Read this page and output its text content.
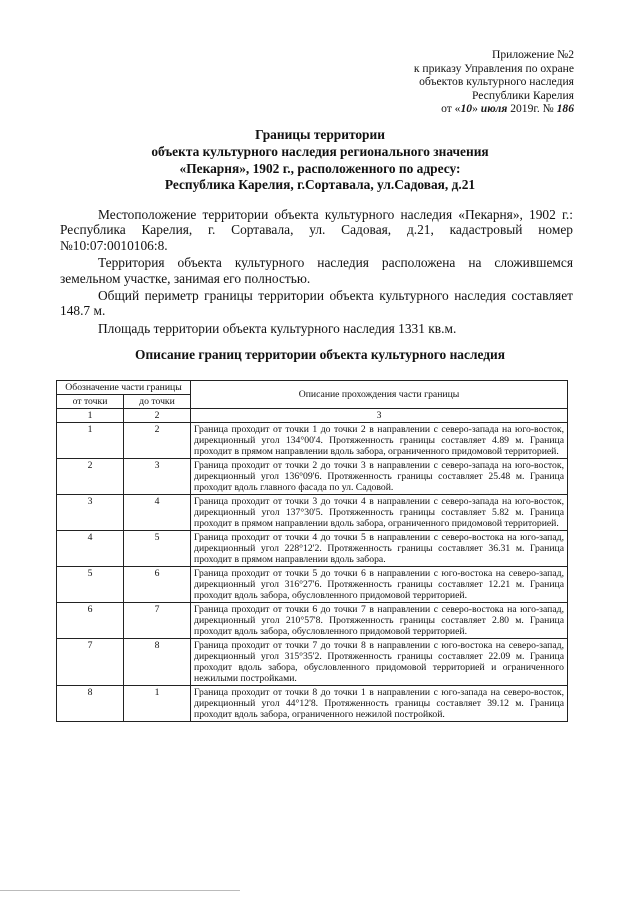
Приложение №2
к приказу Управления по охране
объектов культурного наследия
Республики Карелия
от «10» июля 2019г. № 186
Границы территории
объекта культурного наследия регионального значения
«Пекарня», 1902 г., расположенного по адресу:
Республика Карелия, г.Сортавала, ул.Садовая, д.21

Местоположение территории объекта культурного наследия «Пекарня», 1902 г.: Республика Карелия, г. Сортавала, ул. Садовая, д.21, кадастровый номер №10:07:0010106:8.

Территория объекта культурного наследия расположена на сложившемся земельном участке, занимая его полностью.

Общий периметр границы территории объекта культурного наследия составляет 148.7 м.

Площадь территории объекта культурного наследия 1331 кв.м.

Описание границ территории объекта культурного наследия
Обозначение части границы		Описание прохождения части границы
от точки	до точки	
1	2	3
1	2	Граница проходит от точки 1 до точки 2 в направлении с северо-запада на юго-восток, дирекционный угол 134°00'4. Протяженность границы составляет 4.89 м. Граница проходит в прямом направлении вдоль забора, ограниченного придомовой территорией.
2	3	Граница проходит от точки 2 до точки 3 в направлении с северо-запада на юго-восток, дирекционный угол 136°09'6. Протяженность границы составляет 25.48 м. Граница проходит вдоль главного фасада по ул. Садовой.
3	4	Граница проходит от точки 3 до точки 4 в направлении с северо-запада на юго-восток, дирекционный угол 137°30'5. Протяженность границы составляет 5.82 м. Граница проходит в прямом направлении вдоль забора, ограниченного придомовой территорией.
4	5	Граница проходит от точки 4 до точки 5 в направлении с северо-востока на юго-запад, дирекционный угол 228°12'2. Протяженность границы составляет 36.31 м. Граница проходит в прямом направлении вдоль забора.
5	6	Граница проходит от точки 5 до точки 6 в направлении с юго-востока на северо-запад, дирекционный угол 316°27'6. Протяженность границы составляет 12.21 м. Граница проходит вдоль забора, обусловленного придомовой территорией.
6	7	Граница проходит от точки 6 до точки 7 в направлении с северо-востока на юго-запад, дирекционный угол 210°57'8. Протяженность границы составляет 2.80 м. Граница проходит вдоль забора, обусловленного придомовой территорией.
7	8	Граница проходит от точки 7 до точки 8 в направлении с юго-востока на северо-запад, дирекционный угол 315°35'2. Протяженность границы составляет 22.09 м. Граница проходит вдоль забора, обусловленного придомовой территорией и ограниченного нежилыми постройками.
8	1	Граница проходит от точки 8 до точки 1 в направлении с юго-запада на северо-восток, дирекционный угол 44°12'8. Протяженность границы составляет 39.12 м. Граница проходит вдоль забора, ограниченного нежилой постройкой.
